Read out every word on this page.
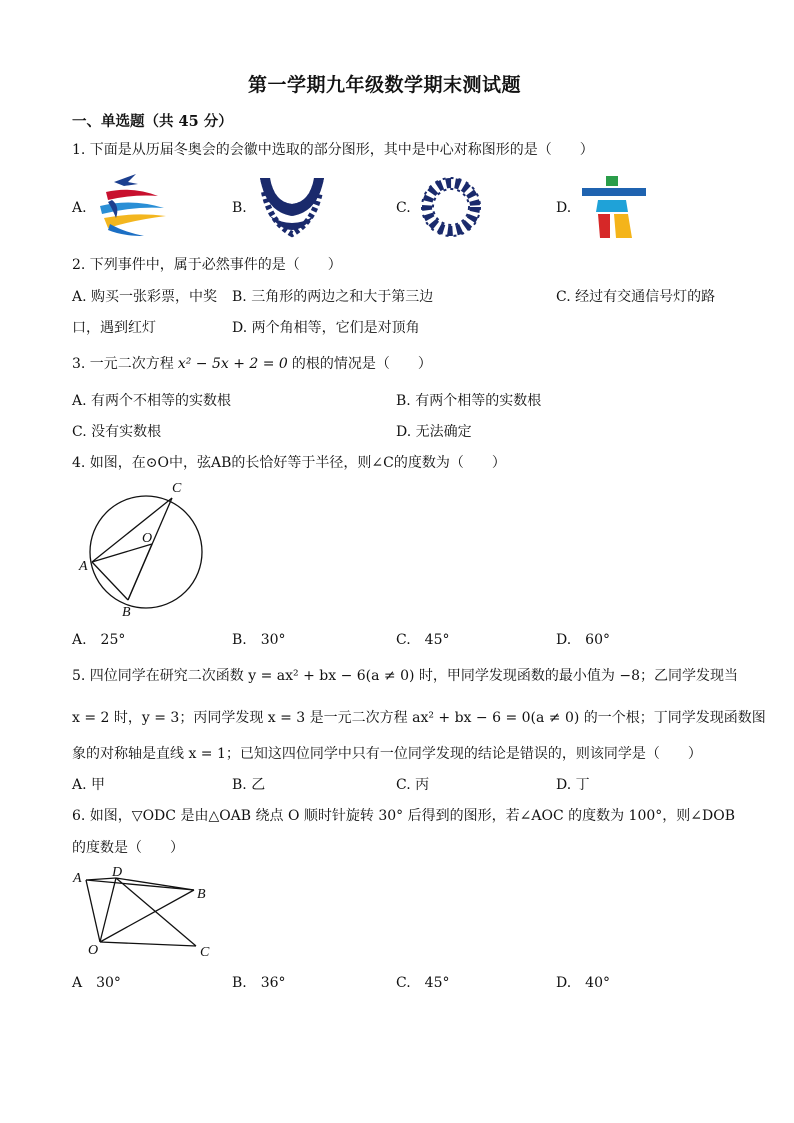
第一学期九年级数学期末测试题
一、单选题（共 45 分）
1. 下面是从历届冬奥会的会徽中选取的部分图形，其中是中心对称图形的是（　　）
A.	B.	C.	D.
2. 下列事件中，属于必然事件的是（　　）
A. 购买一张彩票，中奖 B. 三角形的两边之和大于第三边	C. 经过有交通信号灯的路
口，遇到红灯	D. 两个角相等，它们是对顶角
3. 一元二次方程 x² − 5x + 2 = 0 的根的情况是（　　）
A. 有两个不相等的实数根	B. 有两个相等的实数根
C. 没有实数根	D. 无法确定
4. 如图，在⊙O中，弦AB的长恰好等于半径，则∠C的度数为（　　）
C
O
A
B
A.　25°	B.　30°	C.　45°	D.　60°
5. 四位同学在研究二次函数 y = ax² + bx − 6(a ≠ 0) 时，甲同学发现函数的最小值为 −8；乙同学发现当
x = 2 时，y = 3；丙同学发现 x = 3 是一元二次方程 ax² + bx − 6 = 0(a ≠ 0) 的一个根；丁同学发现函数图
象的对称轴是直线 x = 1；已知这四位同学中只有一位同学发现的结论是错误的，则该同学是（　　）
A. 甲	B. 乙	C. 丙	D. 丁
6. 如图，▽ODC 是由△OAB 绕点 O 顺时针旋转 30° 后得到的图形，若∠AOC 的度数为 100°，则∠DOB
的度数是（　　）
A D
B
O	C
A　30°	B.　36°	C.　45°	D.　40°
